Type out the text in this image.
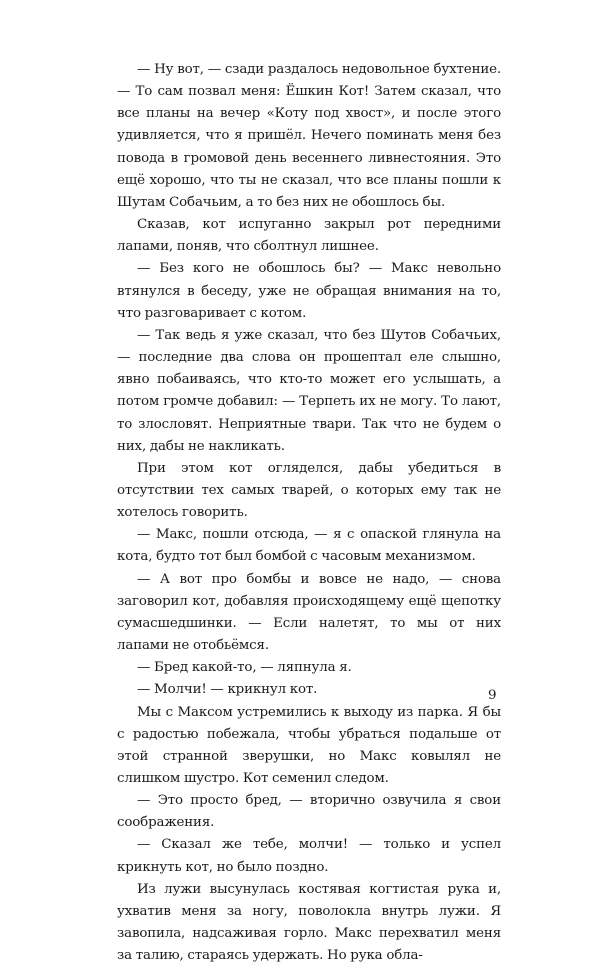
— Ну вот, — сзади раздалось недовольное бухтение. — То сам позвал меня: Ёшкин Кот! Затем сказал, что все планы на вечер «Коту под хвост», и после этого удивляется, что я пришёл. Нечего поминать меня без повода в громовой день весеннего ливнестояния. Это ещё хорошо, что ты не сказал, что все планы пошли к Шутам Собачьим, а то без них не обошлось бы.

Сказав, кот испуганно закрыл рот передними лапами, поняв, что сболтнул лишнее.

— Без кого не обошлось бы? — Макс невольно втянулся в беседу, уже не обращая внимания на то, что разговаривает с котом.

— Так ведь я уже сказал, что без Шутов Собачьих, — последние два слова он прошептал еле слышно, явно побаиваясь, что кто-то может его услышать, а потом громче добавил: — Терпеть их не могу. То лают, то злословят. Неприятные твари. Так что не будем о них, дабы не накликать.

При этом кот огляделся, дабы убедиться в отсутствии тех самых тварей, о которых ему так не хотелось говорить.

— Макс, пошли отсюда, — я с опаской глянула на кота, будто тот был бомбой с часовым механизмом.

— А вот про бомбы и вовсе не надо, — снова заговорил кот, добавляя происходящему ещё щепотку сумасшедшинки. — Если налетят, то мы от них лапами не отобьёмся.

— Бред какой-то, — ляпнула я.

— Молчи! — крикнул кот.

Мы с Максом устремились к выходу из парка. Я бы с радостью побежала, чтобы убраться подальше от этой странной зверушки, но Макс ковылял не слишком шустро. Кот семенил следом.

— Это просто бред, — вторично озвучила я свои соображения.

— Сказал же тебе, молчи! — только и успел крикнуть кот, но было поздно.

Из лужи высунулась костявая когтистая рука и, ухватив меня за ногу, поволокла внутрь лужи. Я завопила, надсаживая горло. Макс перехватил меня за талию, стараясь удержать. Но рука обла-

9
